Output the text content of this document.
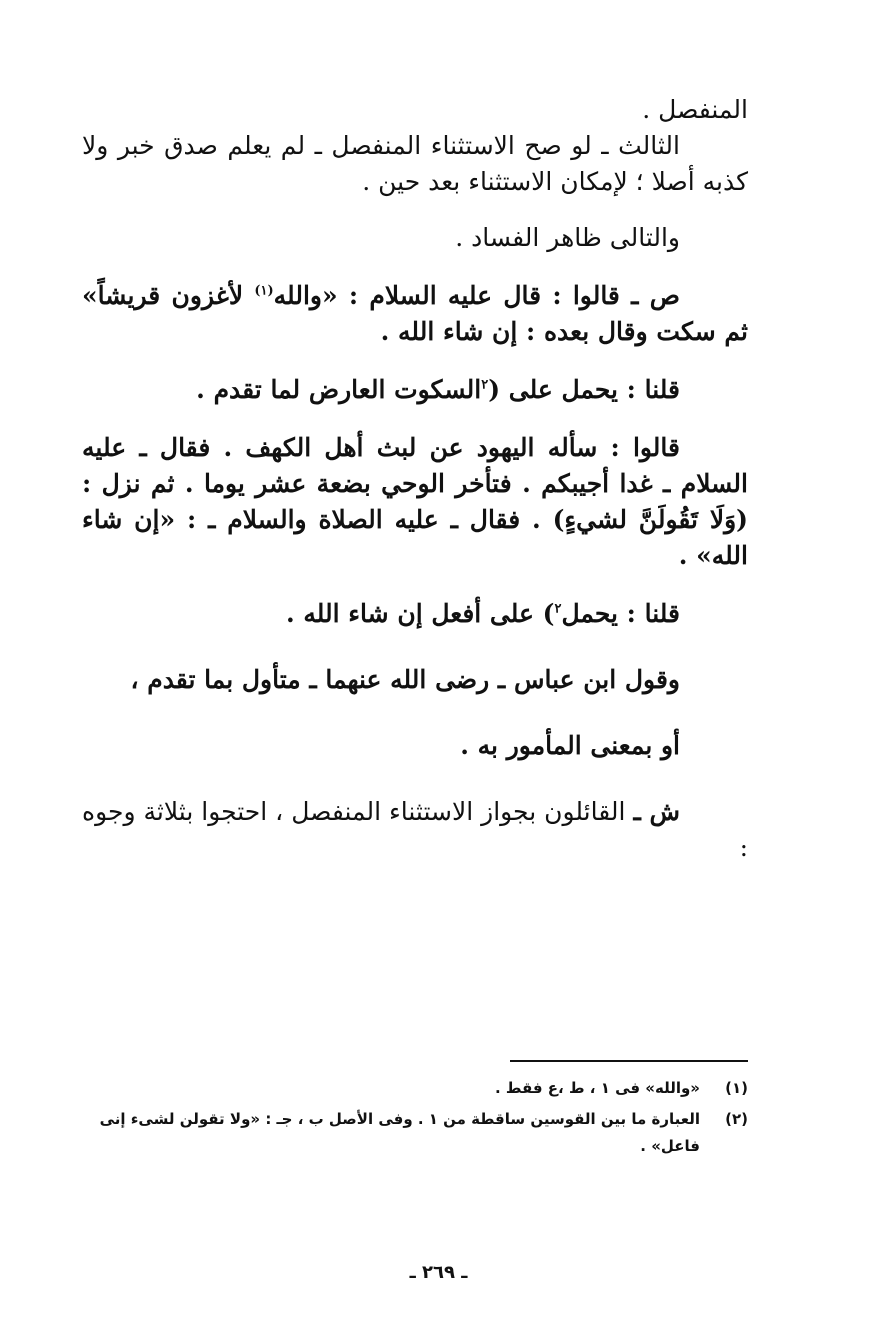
المنفصل .

الثالث ـ لو صح الاستثناء المنفصل ـ لم يعلم صدق خبر ولا كذبه أصلا ؛ لإمكان الاستثناء بعد حين .

والتالى ظاهر الفساد .

ص ـ قالوا : قال عليه السلام : «والله$^{(١)}$ لأغزون قريشاً» ثم سكت وقال بعده : إن شاء الله .

قلنا : يحمل على ($^٢$السكوت العارض لما تقدم .

قالوا : سأله اليهود عن لبث أهل الكهف . فقال ـ عليه السلام ـ غدا أجيبكم . فتأخر الوحي بضعة عشر يوما . ثم نزل : (وَلَا تَقُولَنَّ لشيءٍ) . فقال ـ عليه الصلاة والسلام ـ : «إن شاء الله» .

قلنا : يحمل$^٢$) على أفعل إن شاء الله .

وقول ابن عباس ـ رضى الله عنهما ـ متأول بما تقدم ،

أو بمعنى المأمور به .

ش ـ القائلون بجواز الاستثناء المنفصل ، احتجوا بثلاثة وجوه :

(١)
«والله» فى ١ ، ط ،ع فقط .
(٢)
العبارة ما بين القوسين ساقطة من ١ . وفى الأصل ب ، جـ : «ولا تقولن لشىء إنى فاعل» .
ـ ٢٦٩ ـ
